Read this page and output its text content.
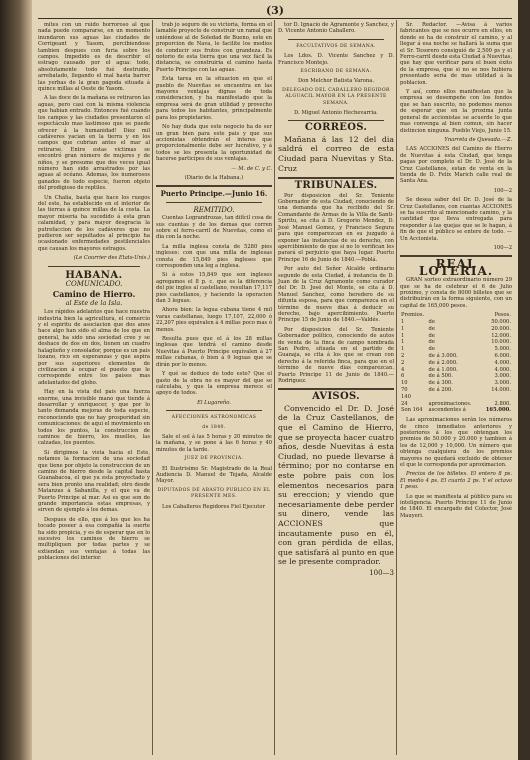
(3)

mites con un ruido horroroso al que nada puede compararse, en un momento inundaron sus aguas las ciudades de Corrigeant y Yasom, percibiendose tambien despues con furia sobre los campos. Impedido es de describir el estrago causado por el agua: todo, absolutamente todo fué destruido, arrebatado, llegando el mal hasta barrer las yerbas de la gran pagoda situada á quince millas al Oeste de Yasom.

A las doce de la mañana se retiraron las aguas, pero casi con la misma violencia que habian entrado. Entonces fué cuando los campos y las ciudades presentaron el espectáculo mas lastimoso que se puede ofrecer á la humanidad! Diez mil cadáveres yacian en la tierra y en los campos que cubrian antes el mar al retirarse. Entre estas victimas se encontró gran número de mujeres y de niños, y se presume que dos veces igual número han sido arrastrados por las aguas al océano. Ademas, los numerosos ganados de todo especie, fueron objeto del prodigioso de reptiles.

Un Chalia, basta que hace los ruegos del este, ha establecido en el interior de las tierras á quince millas de la costa. La mayor miseria ha sucedido á esta gran calamidad, y para mayor desgracia la putrefaccion de los cadáveres que no pudieron ser sepultados al principio ha ocasionado enfermedades pestilenciales que causan los mayores estragos.

(Le Courrier des Etats-Unis.)

HABANA.
COMUNICADO.
Camino de Hierro.
al Este de la Isla.

Los rápidos adelantos que hace nuestra industria bien la agricultura, el comercio y el espiritu de asociacion que dos anos hace algo han sido el alma de los que en general, ha sido una sociedad cree y se deshace de dos en dos, tienen un cuadro halagüeño y consolador, porque es un pais lozano, rico en esperanzas y que aspira por sus superiores elementos de civilizacion á ocupar el puesto que le corresponde entre los paises mas adelantados del globo.

Hay en la vista del pais una fuerza enorme, una invisible mano que tiende á desarrollar y enriquecer, y que por lo tanto demanda mejoras de toda especie, reconociendo que no hay prosperidad sin comunicaciones: de aqui el movimiento en todos los puntos, la construccion de caminos de hierro, los muelles, las calzadas, los puentes.

Si dirigimos la vista hacia el Este, notamos la formacion de una sociedad que tiene por objeto la construccion de un camino de hierro desde la capital hasta Guanabacoa, el que ya esta proyectado y sera bien pronto una realidad; otro desde Matanzas á Sabanilla, y el que va de Puerto Principe al mar. Asi es que son de grande importancia estas empresas, y sirven de ejemplo á los demas.

Despues de ello, que á los que les ha tocado poseer á esa compañia la suerte ha sido propicia, y es de esperar que en lo sucesivo los caminos de hierro se multipliquen por todas partes y se extiendan sus ventajas á todas las poblaciones del interior.

trab jo seguro de su victoria, forma en el lamable proyecto de construir un ramal que uniéndose al de Soledad de Bueno, este en proporcion de Nava, le facilite los medios de conducir sus frutos con grandeza. Es notorio de esta tierra que una vez fácil la distancia, se construiria el camino hasta Puerto Principe con las aguas.

Esta tarea en la situacion en que el pueblo de Nuevitas se encuentra en las mayores ventajas dignas de toda consideracion, y ha manifestado que la empresa será de gran utilidad y provecho para todos los habitantes, principalmente para los propietarios.

No hay duda que este negocio ha de ser un gran bien para este pais y que sus accionistas obtendrán el interes que proporcionalmente debe ser lucrativo, y á todos se les presenta la oportunidad de hacerse participes de sus ventajas.

— M. de C. y C.

(Diario de la Habana.)

Puerto Principe.—Junio 16.
REMITIDO.

Cuentas Lograndrozas, tan difícil cosa de sus cuentas y de los demas que corren sobre el ferro-carril de Nuevitas, como el dia con la noche.

La milla inglesa consta de 5280 pies ingleses: con que una milla de inglesas consta de 15,849 pies ingleses que corresponden una leg a inglesa.

Si á estos 15,849 que son ingleses agregamos el 8 p. c. que es la diferencia del pie ingles al castellano, resultan 17,117 pies castellanos, y haciendo la operacion dan 3 leguas.

Ahora bien: la legua cubana tiene 4 mil varas castellanas, luego 17,107, 22,000 ó 22,207 pies equivalen á 4 millas poco mas ó menos.

Resulta pues que el á los 28 millas inglesas que tendrá el camino desde Nuevitas á Puerto Principe equivalen á 27 millas cubanas, ó bien á 9 leguas que se dirán por lo menos.

Y qué se deduce de todo esto? Que el gasto de la obra no es mayor del que se calculaba, y que la empresa merece el apoyo de todos.

El Lugareño.

AFECCIONES ASTRONOMICAS
de 1840.

Sale el sol á las 5 horas y 20 minutos de la mañana, y se pone á las 6 horas y 40 minutos de la tarde.

JUEZ DE PROVINCIA.

El Ilustrisimo Sr. Magistrado de la Real Audiencia D. Manuel de Tejada, Alcalde Mayor.

DIPUTADOS DE ABASTO PUBLICO EN EL PRESENTE MES.

Los Caballeros Regidores Fiel Ejecutor

tor D. Ignacio de Agramonte y Sanchez, y D. Vicente Antonio Caballero.

FACULTATIVOS DE SEMANA.

Los Ldos. D. Vicente Sanchez y D. Francisco Montejo.

ESCRIBANO DE SEMANA.

Don Melchor Batista Varona.

DELEGADO DEL CABALLERO REGIDOR ALGUACIL MAYOR EN LA PRESENTE SEMANA.

D. Miguel Antonio Hechevarria.

CORREOS.

Mañana á las 12 del dia saldrá el correo de esta Ciudad para Nuevitas y Sta. Cruz

TRIBUNALES.

Por disposicion del Sr. Teniente Gobernador de esta Ciudad, conociendo de una demanda que ha recibido del Sr. Comandante de Armas de la Villa de Santi-Spiritu, se cita á D. Gregorio Mendez, D. José Manuel Gomez, y Francisco Segura para que comparezcan en su juzgado á exponer las instancias de su derecho, con apercibimiento de que si no lo verifican les parará el perjuicio que haya lugar. Puerto Principe 16 de Junio de 1840.—Poblá.

Por auto del Señor Alcalde ordinario segundo de esta Ciudad, á instancia de D. Juan de la Cruz Agramonte como curador del Dr. D. José del Monte, se cita á D. Manuel Sanchez, como heredero de su difunta esposa, para que comparezca en el término de nueve dias á deducir su derecho, bajo apercibimiento. Puerto Principe 15 de Junio de 1840.—Valdés.

Por disposicion del Sr. Teniente Gobernador político, conociendo de autos de venta de la finca de campo nombrada San Pedro, situada en el partido de Guanaja, se cita á los que se crean con derecho á la referida finca, para que en el término de nueve dias comparezcan. Puerto Principe 11 de Junio de 1840.—Rodriguez.

AVISOS.

Convencido el Dr. D. José de la Cruz Castellanos, de que el Camino de Hierro, que se proyecta hacer cuatro años, desde Nuevitas á esta Ciudad, no puede llevarse á término; por no contarse en este pobre pais con los elementos necesarios para su ereccion; y viendo que necesariamente debe perder su dinero, vende las ACCIONES que incautamente puso en él, con gran pérdida de ellas, que satisfará al punto en que se le presente comprador.

100—3

Sr. Redactor. —Avisa á varios fabricantes que se nos ocurre en ellos, en donde se ha de construir el camino, y al llegar á esa noche se hallará la suma que el Sr. Tesorero consiguió de 2,500 ps y el Ferro-carril desde esta Ciudad á Nuevitas, que hay que verificar para el buen éxito de la empresa, que si no se nos hubiera presentado seria de mas utilidad á la poblacion.

Y así, como ellos manifiestan que la empresa se desempeñe con los fondos que se han suscrito, no podemos menos de esperar que en la proxima junta general de accionistas se acuerde lo que mas convenga al bien comun, sin hacer distincion ninguna. Pueblo Viejo, Junio 15.

Ynarreta de Quesada.—Z.

LAS ACCIONES del Camino de Hierro de Nuevitas á esta Ciudad, que tenga pagas por completo el Dr. D. José de la Cruz Castellanos, estan de venta en la tienda de D. Felix Marich calle real de Santa Ana.

100—2

Se desea saber del Dr. D. José de la Cruz Castellanos, con cuantas ACCIONES se ha suscrito al mencionado camino, y la cantidad que lleva entregada para responder á las quejas que se le hagan, á fin de que el público se entere de todo. — Un Accionista.

100—2

REAL LOTERIA.

GRAN sorteo extraordinario número 29 que se ha de celebrar el 6 de Julio proximo, y consta de 8000 billetes que se distribuirán en la forma siguiente, con un capital de 165,000 pesos.

Premios.		Pesos.
1	de	50.000.
1	de	20.000.
1	de	12.000.
1	de	10.000.
1	de	5.000.
2	de á 3.000.	6.000.
2	de á 2.000.	4.000.
4	de á 1.000.	4.000.
6	de á 500.	3.000.
10	de á 300.	3.000.
70	de á 200.	14.000.
140		
24	aproximaciones.	2.800.
Son 164	ascendentes á	165.000.

Las aproximaciones serán los números de cinco inmediatos anteriores y posteriores á los que obtengan los premios de 50.000 y 20.000 y tambien á los de 12,000 y 10,000. Un número que obtenga cualquiera de los premios mayores no quedará excluido de obtener el que le corresponda por aproximacion.

Precios de los billetes. El entero 8 ps. El medio 4 ps. El cuarto 2 ps. Y el octavo 1 peso.

Lo que se manifiesta al público para su inteligencia. Puerto Principe 11 de Junio de 1840. El encargado del Colector, José Mauyeri.
